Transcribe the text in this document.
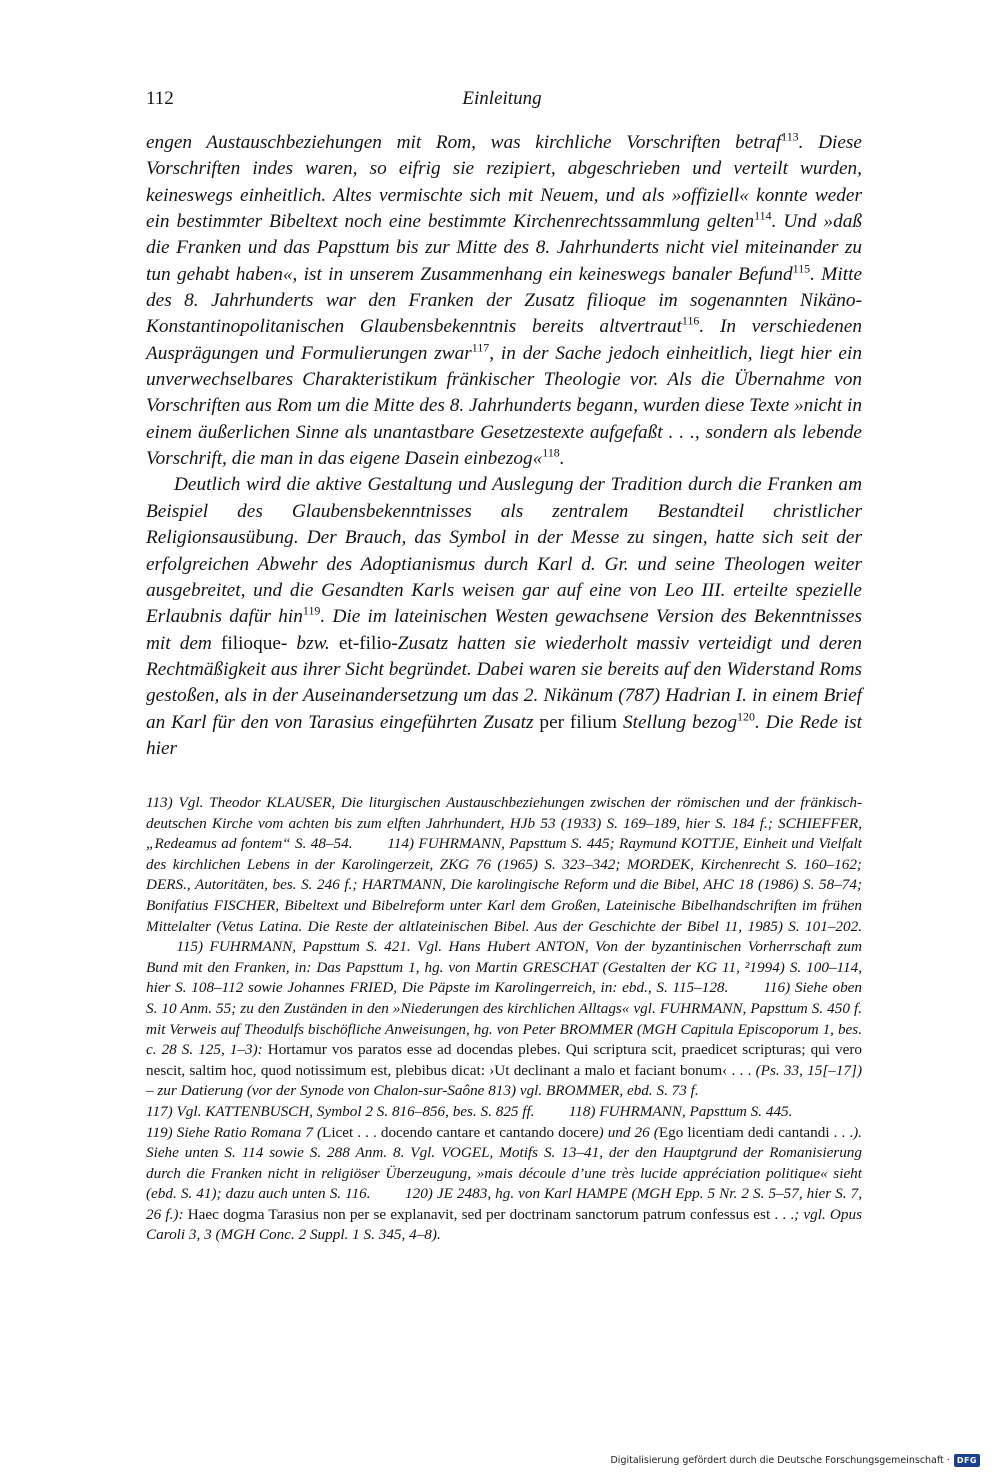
112	Einleitung

engen Austauschbeziehungen mit Rom, was kirchliche Vorschriften betraf$^{113}$. Diese Vorschriften indes waren, so eifrig sie rezipiert, abgeschrieben und verteilt wurden, keineswegs einheitlich. Altes vermischte sich mit Neuem, und als »offiziell« konnte weder ein bestimmter Bibeltext noch eine bestimmte Kirchenrechtssammlung gelten$^{114}$. Und »daß die Franken und das Papsttum bis zur Mitte des 8. Jahrhunderts nicht viel miteinander zu tun gehabt haben«, ist in unserem Zusammenhang ein keineswegs banaler Befund$^{115}$. Mitte des 8. Jahrhunderts war den Franken der Zusatz filioque im sogenannten Nikäno-Konstantinopolitanischen Glaubensbekenntnis bereits altvertraut$^{116}$. In verschiedenen Ausprägungen und Formulierungen zwar$^{117}$, in der Sache jedoch einheitlich, liegt hier ein unverwechselbares Charakteristikum fränkischer Theologie vor. Als die Übernahme von Vorschriften aus Rom um die Mitte des 8. Jahrhunderts begann, wurden diese Texte »nicht in einem äußerlichen Sinne als unantastbare Gesetzestexte aufgefaßt . . ., sondern als lebende Vorschrift, die man in das eigene Dasein einbezog«$^{118}$.

Deutlich wird die aktive Gestaltung und Auslegung der Tradition durch die Franken am Beispiel des Glaubensbekenntnisses als zentralem Bestandteil christlicher Religionsausübung. Der Brauch, das Symbol in der Messe zu singen, hatte sich seit der erfolgreichen Abwehr des Adoptianismus durch Karl d. Gr. und seine Theologen weiter ausgebreitet, und die Gesandten Karls weisen gar auf eine von Leo III. erteilte spezielle Erlaubnis dafür hin$^{119}$. Die im lateinischen Westen gewachsene Version des Bekenntnisses mit dem filioque- bzw. et-filio-Zusatz hatten sie wiederholt massiv verteidigt und deren Rechtmäßigkeit aus ihrer Sicht begründet. Dabei waren sie bereits auf den Widerstand Roms gestoßen, als in der Auseinandersetzung um das 2. Nikänum (787) Hadrian I. in einem Brief an Karl für den von Tarasius eingeführten Zusatz per filium Stellung bezog$^{120}$. Die Rede ist hier

113) Vgl. Theodor KLAUSER, Die liturgischen Austauschbeziehungen zwischen der römischen und der fränkisch-deutschen Kirche vom achten bis zum elften Jahrhundert, HJb 53 (1933) S. 169–189, hier S. 184 f.; SCHIEFFER, „Redeamus ad fontem“ S. 48–54.    114) FUHRMANN, Papsttum S. 445; Raymund KOTTJE, Einheit und Vielfalt des kirchlichen Lebens in der Karolingerzeit, ZKG 76 (1965) S. 323–342; MORDEK, Kirchenrecht S. 160–162; DERS., Autoritäten, bes. S. 246 f.; HARTMANN, Die karolingische Reform und die Bibel, AHC 18 (1986) S. 58–74; Bonifatius FISCHER, Bibeltext und Bibelreform unter Karl dem Großen, Lateinische Bibelhandschriften im frühen Mittelalter (Vetus Latina. Die Reste der altlateinischen Bibel. Aus der Geschichte der Bibel 11, 1985) S. 101–202.   115) FUHRMANN, Papsttum S. 421. Vgl. Hans Hubert ANTON, Von der byzantinischen Vorherrschaft zum Bund mit den Franken, in: Das Papsttum 1, hg. von Martin GRESCHAT (Gestalten der KG 11, ²1994) S. 100–114, hier S. 108–112 sowie Johannes FRIED, Die Päpste im Karolingerreich, in: ebd., S. 115–128.    116) Siehe oben S. 10 Anm. 55; zu den Zuständen in den »Niederungen des kirchlichen Alltags« vgl. FUHRMANN, Papsttum S. 450 f. mit Verweis auf Theodulfs bischöfliche Anweisungen, hg. von Peter BROMMER (MGH Capitula Episcoporum 1, bes. c. 28 S. 125, 1–3): Hortamur vos paratos esse ad docendas plebes. Qui scriptura scit, praedicet scripturas; qui vero nescit, saltim hoc, quod notissimum est, plebibus dicat: ›Ut declinant a malo et faciant bonum‹ . . . (Ps. 33, 15[–17]) – zur Datierung (vor der Synode von Chalon-sur-Saône 813) vgl. BROMMER, ebd. S. 73 f.
117) Vgl. KATTENBUSCH, Symbol 2 S. 816–856, bes. S. 825 ff.    118) FUHRMANN, Papsttum S. 445.
119) Siehe Ratio Romana 7 (Licet . . . docendo cantare et cantando docere) und 26 (Ego licentiam dedi cantandi . . .). Siehe unten S. 114 sowie S. 288 Anm. 8. Vgl. VOGEL, Motifs S. 13–41, der den Hauptgrund der Romanisierung durch die Franken nicht in religiöser Überzeugung, »mais découle d’une très lucide appréciation politique« sieht (ebd. S. 41); dazu auch unten S. 116.    120) JE 2483, hg. von Karl HAMPE (MGH Epp. 5 Nr. 2 S. 5–57, hier S. 7, 26 f.): Haec dogma Tarasius non per se explanavit, sed per doctrinam sanctorum patrum confessus est . . .; vgl. Opus Caroli 3, 3 (MGH Conc. 2 Suppl. 1 S. 345, 4–8).

Digitalisierung gefördert durch die Deutsche Forschungsgemeinschaft · DFG
